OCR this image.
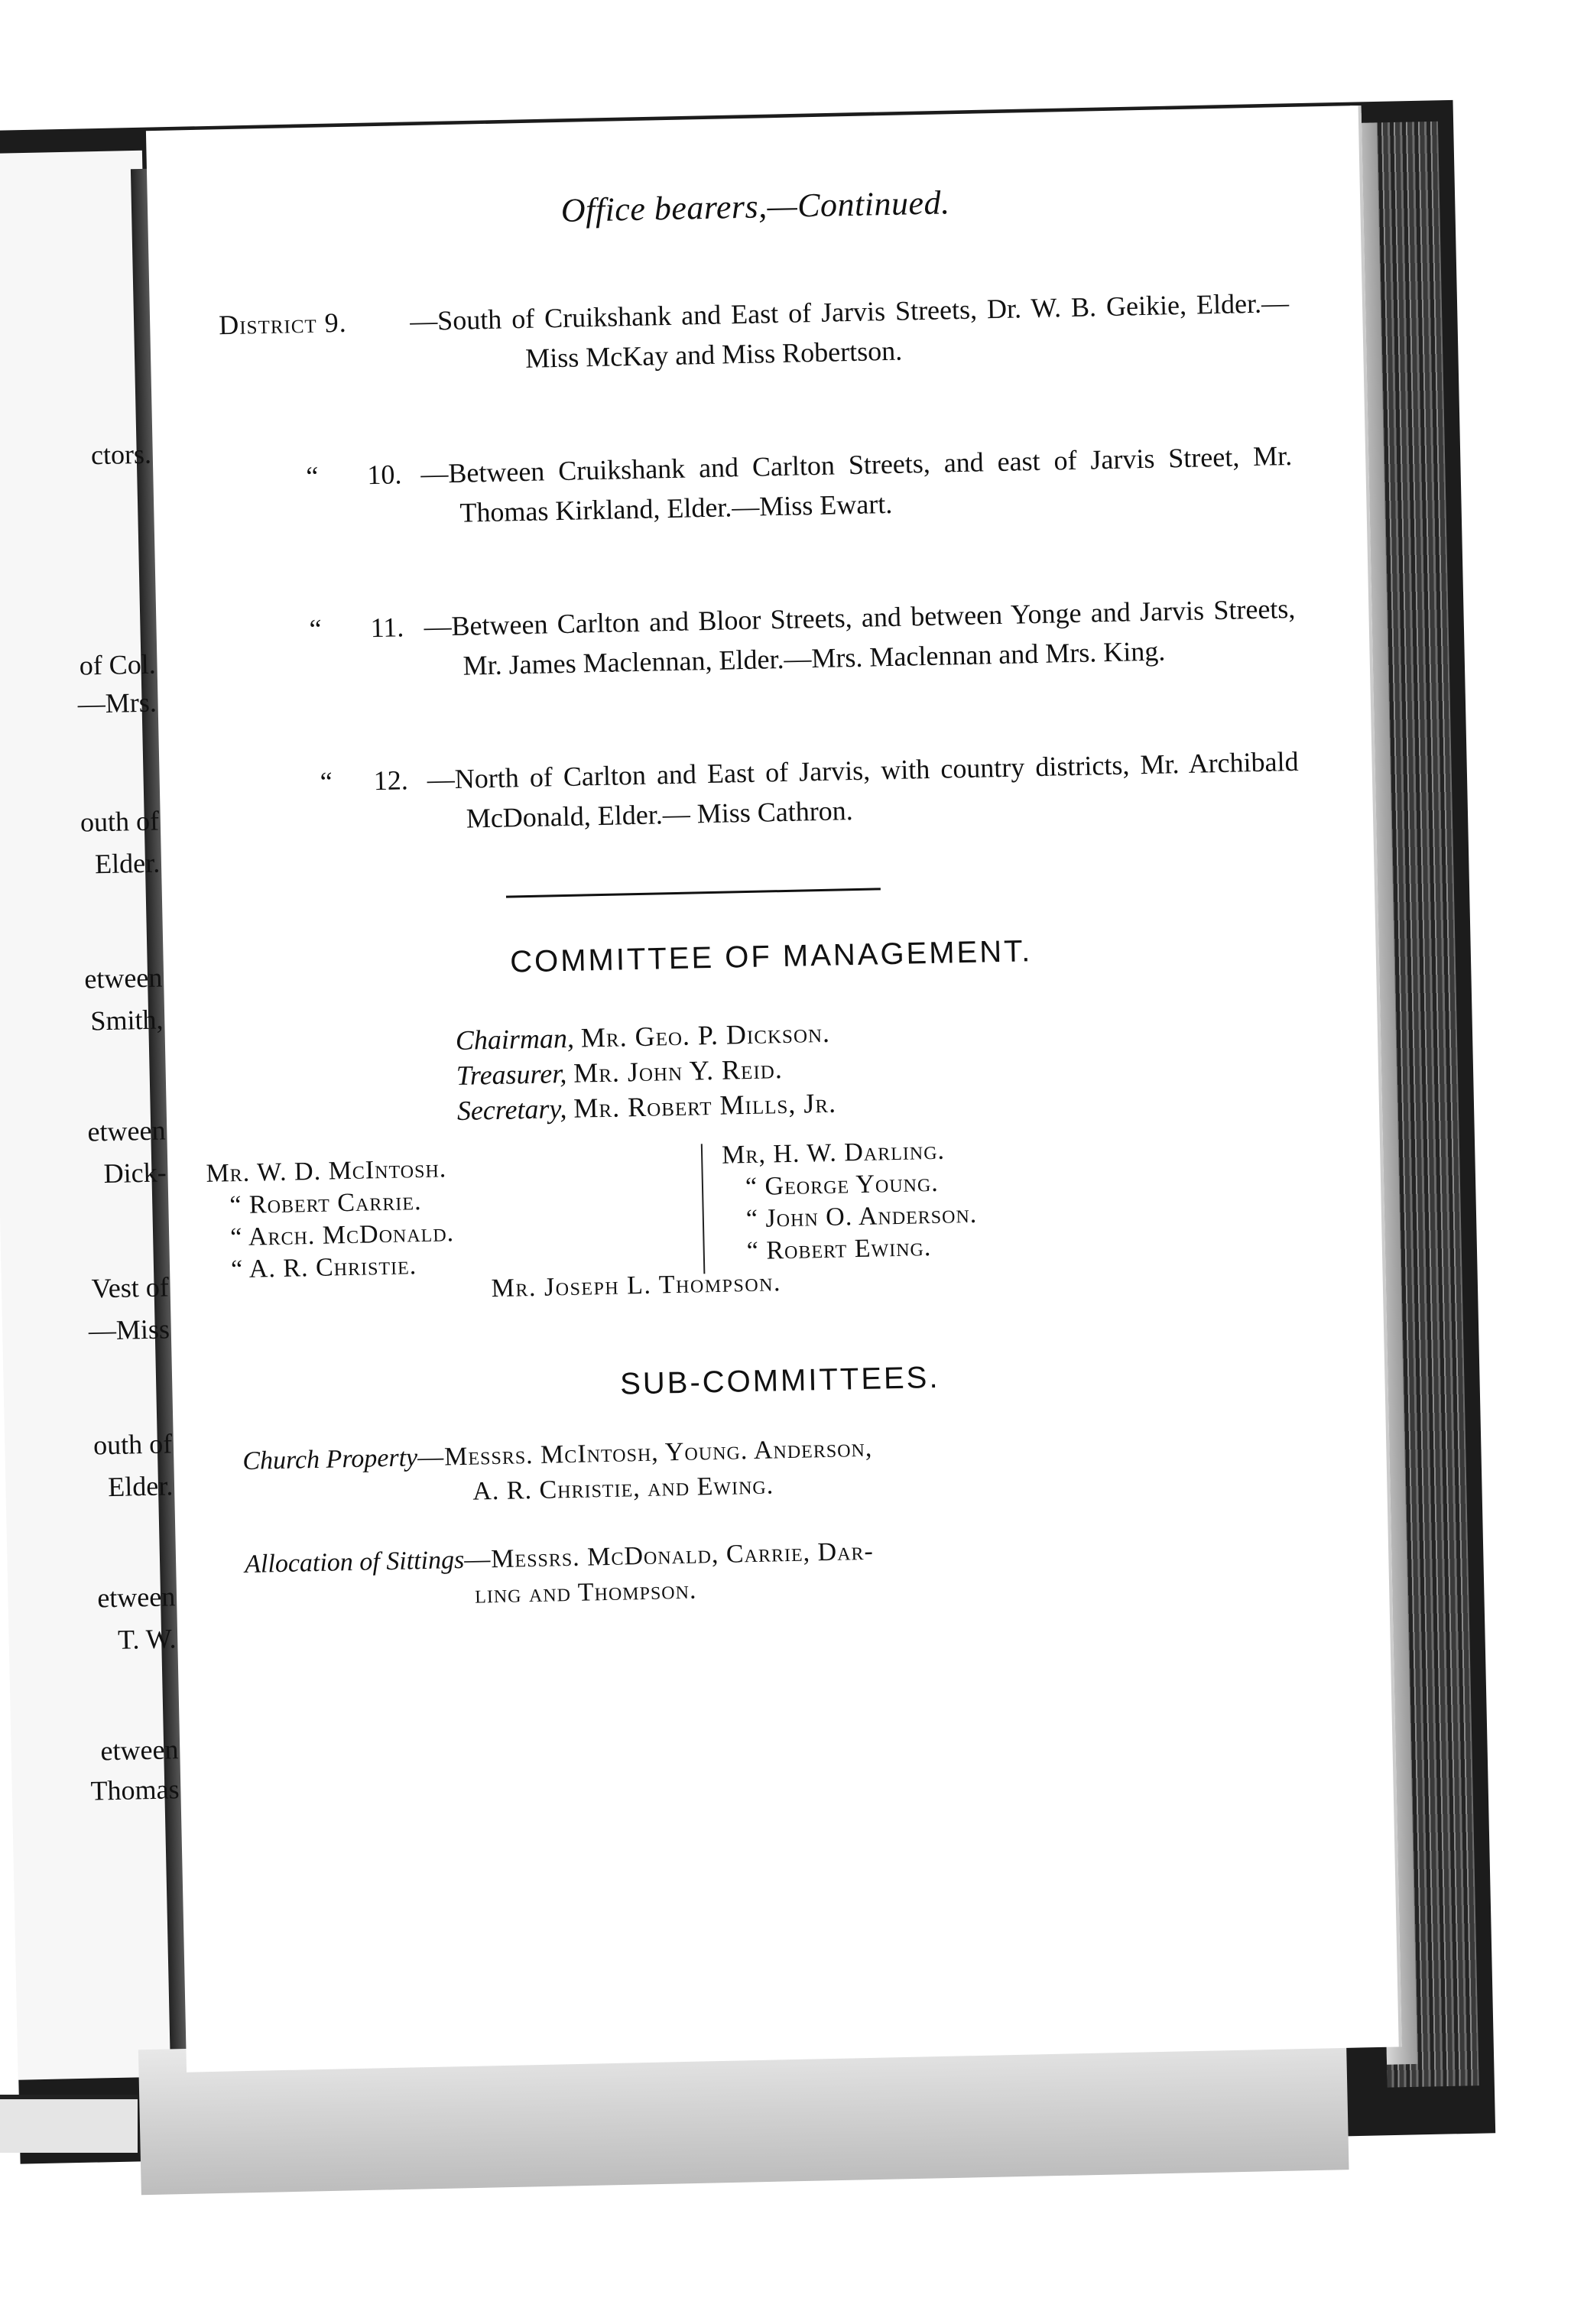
ctors.
of Col.
—Mrs.
outh of
Elder.
etween
Smith,
etween
Dick-
Vest of
—Miss
outh of
Elder.
etween
T. W.
etween
Thomas
Office bearers,—Continued.
District 9. —South of Cruikshank and East of Jarvis Streets, Dr. W. B. Geikie, Elder.—Miss McKay and Miss Robertson.
“ 10. —Between Cruikshank and Carlton Streets, and east of Jarvis Street, Mr. Thomas Kirkland, Elder.—Miss Ewart.
“ 11. —Between Carlton and Bloor Streets, and between Yonge and Jarvis Streets, Mr. James Maclennan, Elder.—Mrs. Maclennan and Mrs. King.
“ 12. —North of Carlton and East of Jarvis, with country districts, Mr. Archibald McDonald, Elder.— Miss Cathron.
COMMITTEE OF MANAGEMENT.
Chairman, Mr. Geo. P. Dickson.
Treasurer, Mr. John Y. Reid.
Secretary, Mr. Robert Mills, Jr.
Mr. W. D. McIntosh.
“ Robert Carrie.
“ Arch. McDonald.
“ A. R. Christie.
Mr, H. W. Darling.
“ George Young.
“ John O. Anderson.
“ Robert Ewing.
Mr. Joseph L. Thompson.
SUB-COMMITTEES.
Church Property—Messrs. McIntosh, Young. Anderson,
A. R. Christie, and Ewing.
Allocation of Sittings—Messrs. McDonald, Carrie, Dar-
ling and Thompson.
